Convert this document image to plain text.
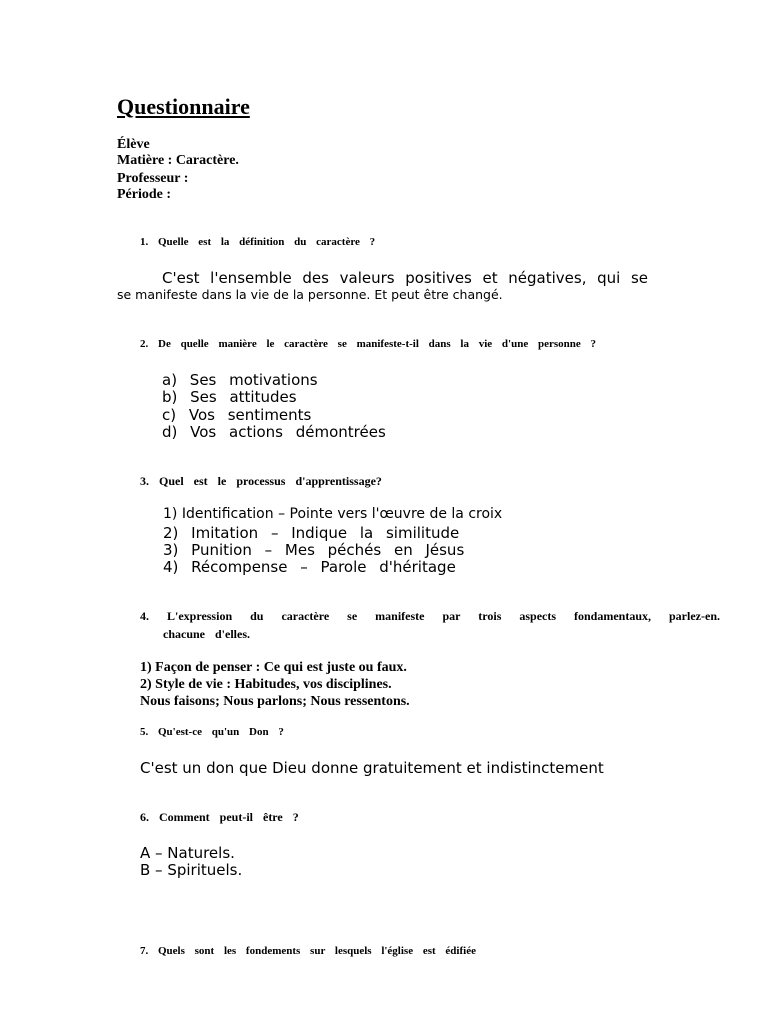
Questionnaire
Élève
Matière : Caractère.
Professeur :
Période :
1. Quelle est la définition du caractère ?
C'est l'ensemble des valeurs positives et négatives, qui se
se manifeste dans la vie de la personne. Et peut être changé.
2. De quelle manière le caractère se manifeste-t-il dans la vie d'une personne ?
a) Ses motivations
b) Ses attitudes
c) Vos sentiments
d) Vos actions démontrées
3. Quel est le processus d'apprentissage?
1) Identification – Pointe vers l'œuvre de la croix
2) Imitation – Indique la similitude
3) Punition – Mes péchés en Jésus
4) Récompense – Parole d'héritage
4. L'expression du caractère se manifeste par trois aspects fondamentaux, parlez-en.
chacune d'elles.
1) Façon de penser : Ce qui est juste ou faux.
2) Style de vie : Habitudes, vos disciplines.
Nous faisons; Nous parlons; Nous ressentons.
5. Qu'est-ce qu'un Don ?
C'est un don que Dieu donne gratuitement et indistinctement
6. Comment peut-il être ?
A – Naturels.
B – Spirituels.
7. Quels sont les fondements sur lesquels l'église est édifiée
